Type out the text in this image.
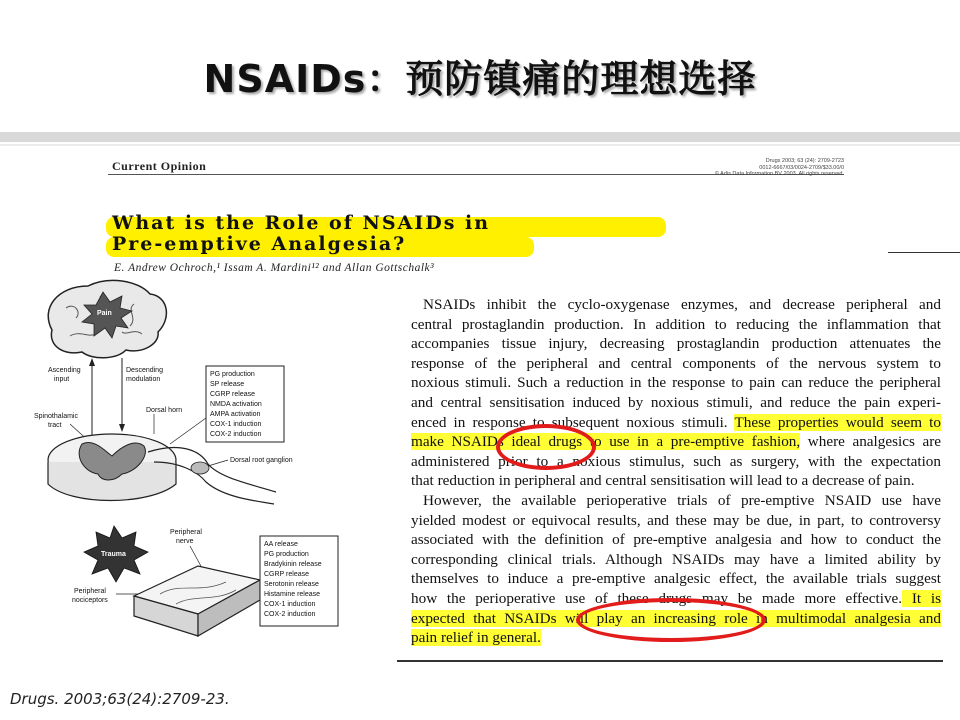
NSAIDs：预防镇痛的理想选择
Current Opinion	Drugs 2003; 63 (24): 2709-2723
0012-6667/03/0024-2709/$33.00/0
© Adis Data Information BV 2003. All rights reserved.
What is the Role of NSAIDs in
Pre-emptive Analgesia?
E. Andrew Ochroch,¹ Issam A. Mardini¹² and Allan Gottschalk³
NSAIDs inhibit the cyclo-oxygenase enzymes, and decrease peripheral and
central prostaglandin production. In addition to reducing the inflammation that
accompanies tissue injury, decreasing prostaglandin production attenuates the
response of the peripheral and central components of the nervous system to
noxious stimuli. Such a reduction in the response to pain can reduce the peripheral
and central sensitisation induced by noxious stimuli, and reduce the pain experi-
enced in response to subsequent noxious stimuli. These properties would seem to
make NSAIDs ideal drugs to use in a pre-emptive fashion, where analgesics are
administered prior to a noxious stimulus, such as surgery, with the expectation
that reduction in peripheral and central sensitisation will lead to a decrease of pain.
However, the available perioperative trials of pre-emptive NSAID use have
yielded modest or equivocal results, and these may be due, in part, to controversy
associated with the definition of pre-emptive analgesia and how to conduct the
corresponding clinical trials. Although NSAIDs may have a limited ability by
themselves to induce a pre-emptive analgesic effect, the available trials suggest
how the perioperative use of these drugs may be made more effective. It is
expected that NSAIDs will play an increasing role in multimodal analgesia and
pain relief in general.
Pain
Ascending
input
Descending
modulation
Spinothalamic
tract
Dorsal horn
Dorsal root ganglion
PG production
SP release
CGRP release
NMDA activation
AMPA activation
COX-1 induction
COX-2 induction
Peripheral
nerve
Trauma
Peripheral
nociceptors
AA release
PG production
Bradykinin release
CGRP release
Serotonin release
Histamine release
COX-1 induction
COX-2 induction
Drugs. 2003;63(24):2709-23.
